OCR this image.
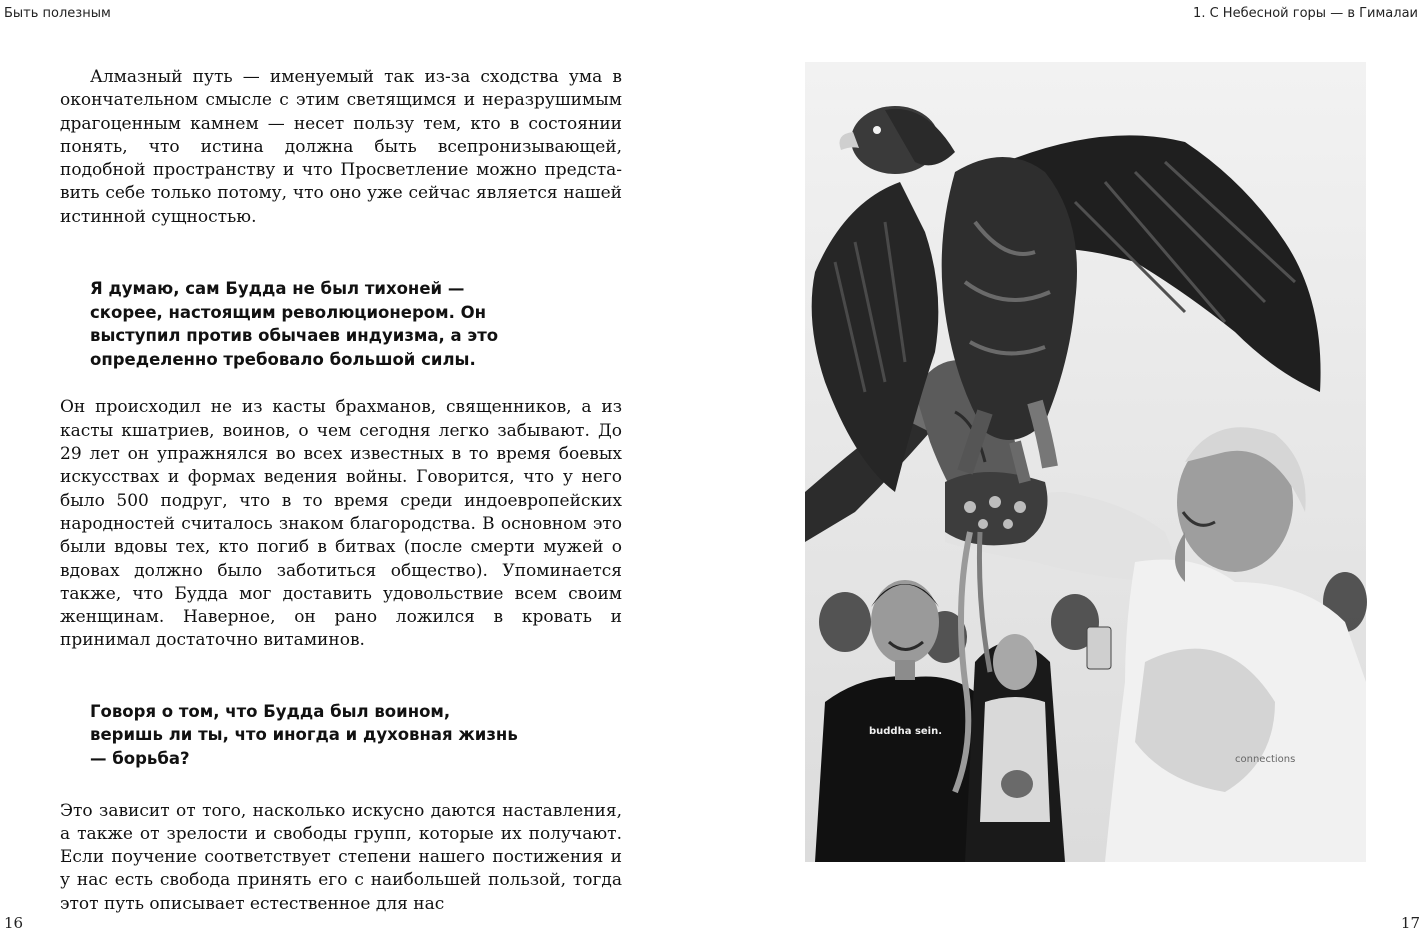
Быть полезным	1. С Небесной горы — в Гималаи

Алмазный путь — именуемый так из-за сходства ума в окончательном смысле с этим светящимся и неразрушимым драгоценным камнем — несет пользу тем, кто в состоянии понять, что истина должна быть всепронизывающей, подобной пространству и что Просветление можно представить себе только потому, что оно уже сейчас является нашей истинной сущностью.

Я думаю, сам Будда не был тихоней — скорее, настоящим революционером. Он выступил против обычаев индуизма, а это определенно требовало большой силы.

Он происходил не из касты брахманов, священников, а из касты кшатриев, воинов, о чем сегодня легко забывают. До 29 лет он упражнялся во всех известных в то время боевых искусствах и формах ведения войны. Говорится, что у него было 500 подруг, что в то время среди индоевропейских народностей считалось знаком благородства. В основном это были вдовы тех, кто погиб в битвах (после смерти мужей о вдовах должно было заботиться общество). Упоминается также, что Будда мог доставить удовольствие всем своим женщинам. Наверное, он рано ложился в кровать и принимал достаточно витаминов.

Говоря о том, что Будда был воином, веришь ли ты, что иногда и духовная жизнь — борьба?

Это зависит от того, насколько искусно даются наставления, а также от зрелости и свободы групп, которые их получают. Если поучение соответствует степени нашего постижения и у нас есть свобода принять его с наибольшей пользой, тогда этот путь описывает естественное для нас

buddha sein.
connections
16	17
